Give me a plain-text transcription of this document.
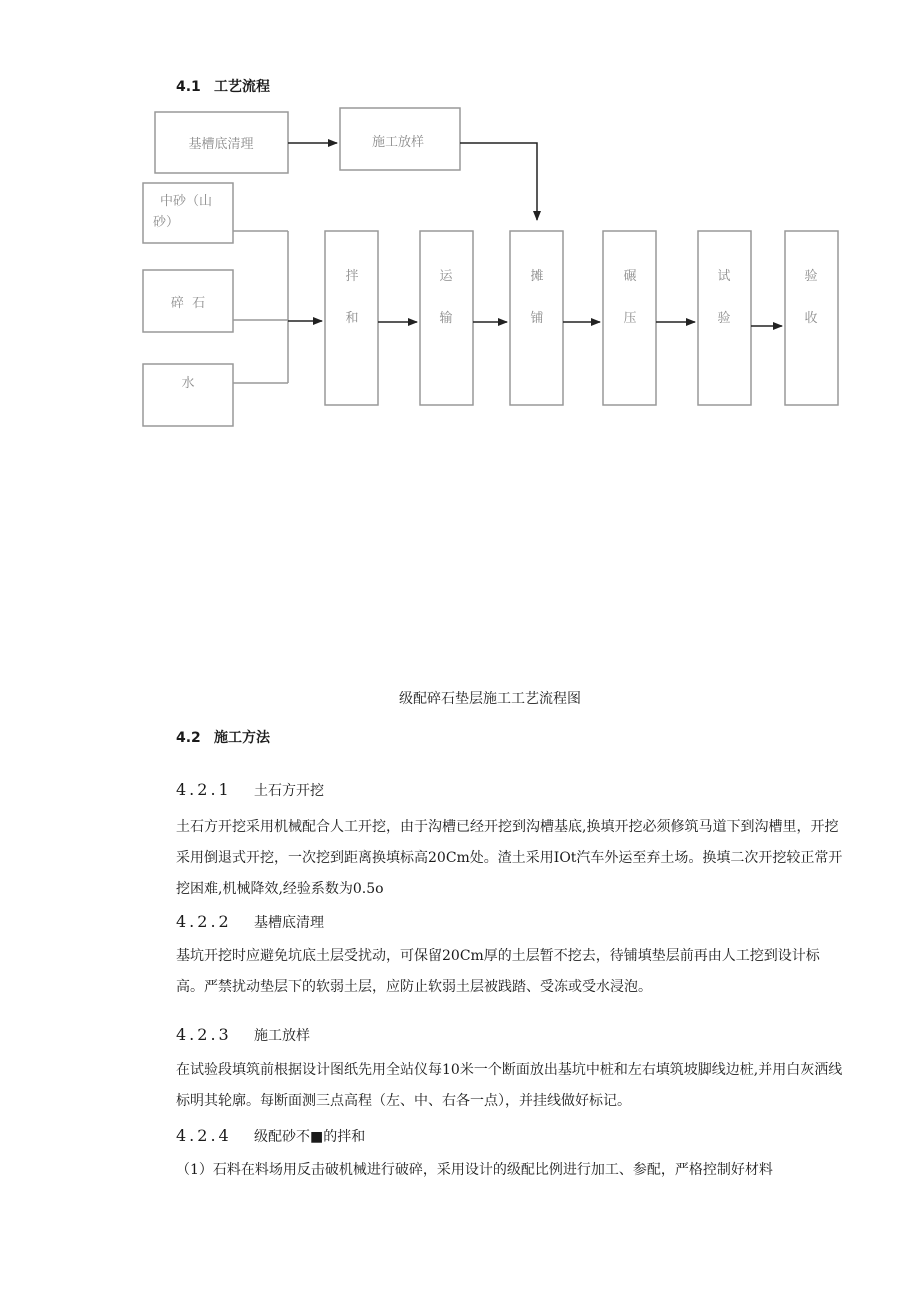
4.1 工艺流程
基槽底清理	施工放样
中砂（山
砂）
碎  石
水
拌
和
运
输
摊
铺
碾
压
试
验
验
收
级配碎石垫层施工工艺流程图
4.2 施工方法
4.2.1 土石方开挖
土石方开挖采用机械配合人工开挖，由于沟槽已经开挖到沟槽基底,换填开挖必须修筑马道下到沟槽里，开挖采用倒退式开挖，一次挖到距离换填标高20Cm处。渣土采用IOt汽车外运至弃土场。换填二次开挖较正常开挖困难,机械降效,经验系数为0.5o
4.2.2 基槽底清理
基坑开挖时应避免坑底土层受扰动，可保留20Cm厚的土层暂不挖去，待铺填垫层前再由人工挖到设计标高。严禁扰动垫层下的软弱土层，应防止软弱土层被践踏、受冻或受水浸泡。
4.2.3 施工放样
在试验段填筑前根据设计图纸先用全站仪每10米一个断面放出基坑中桩和左右填筑坡脚线边桩,并用白灰洒线标明其轮廓。每断面测三点高程（左、中、右各一点），并挂线做好标记。
4.2.4 级配砂不■的拌和
（1）石料在料场用反击破机械进行破碎，采用设计的级配比例进行加工、参配，严格控制好材料
